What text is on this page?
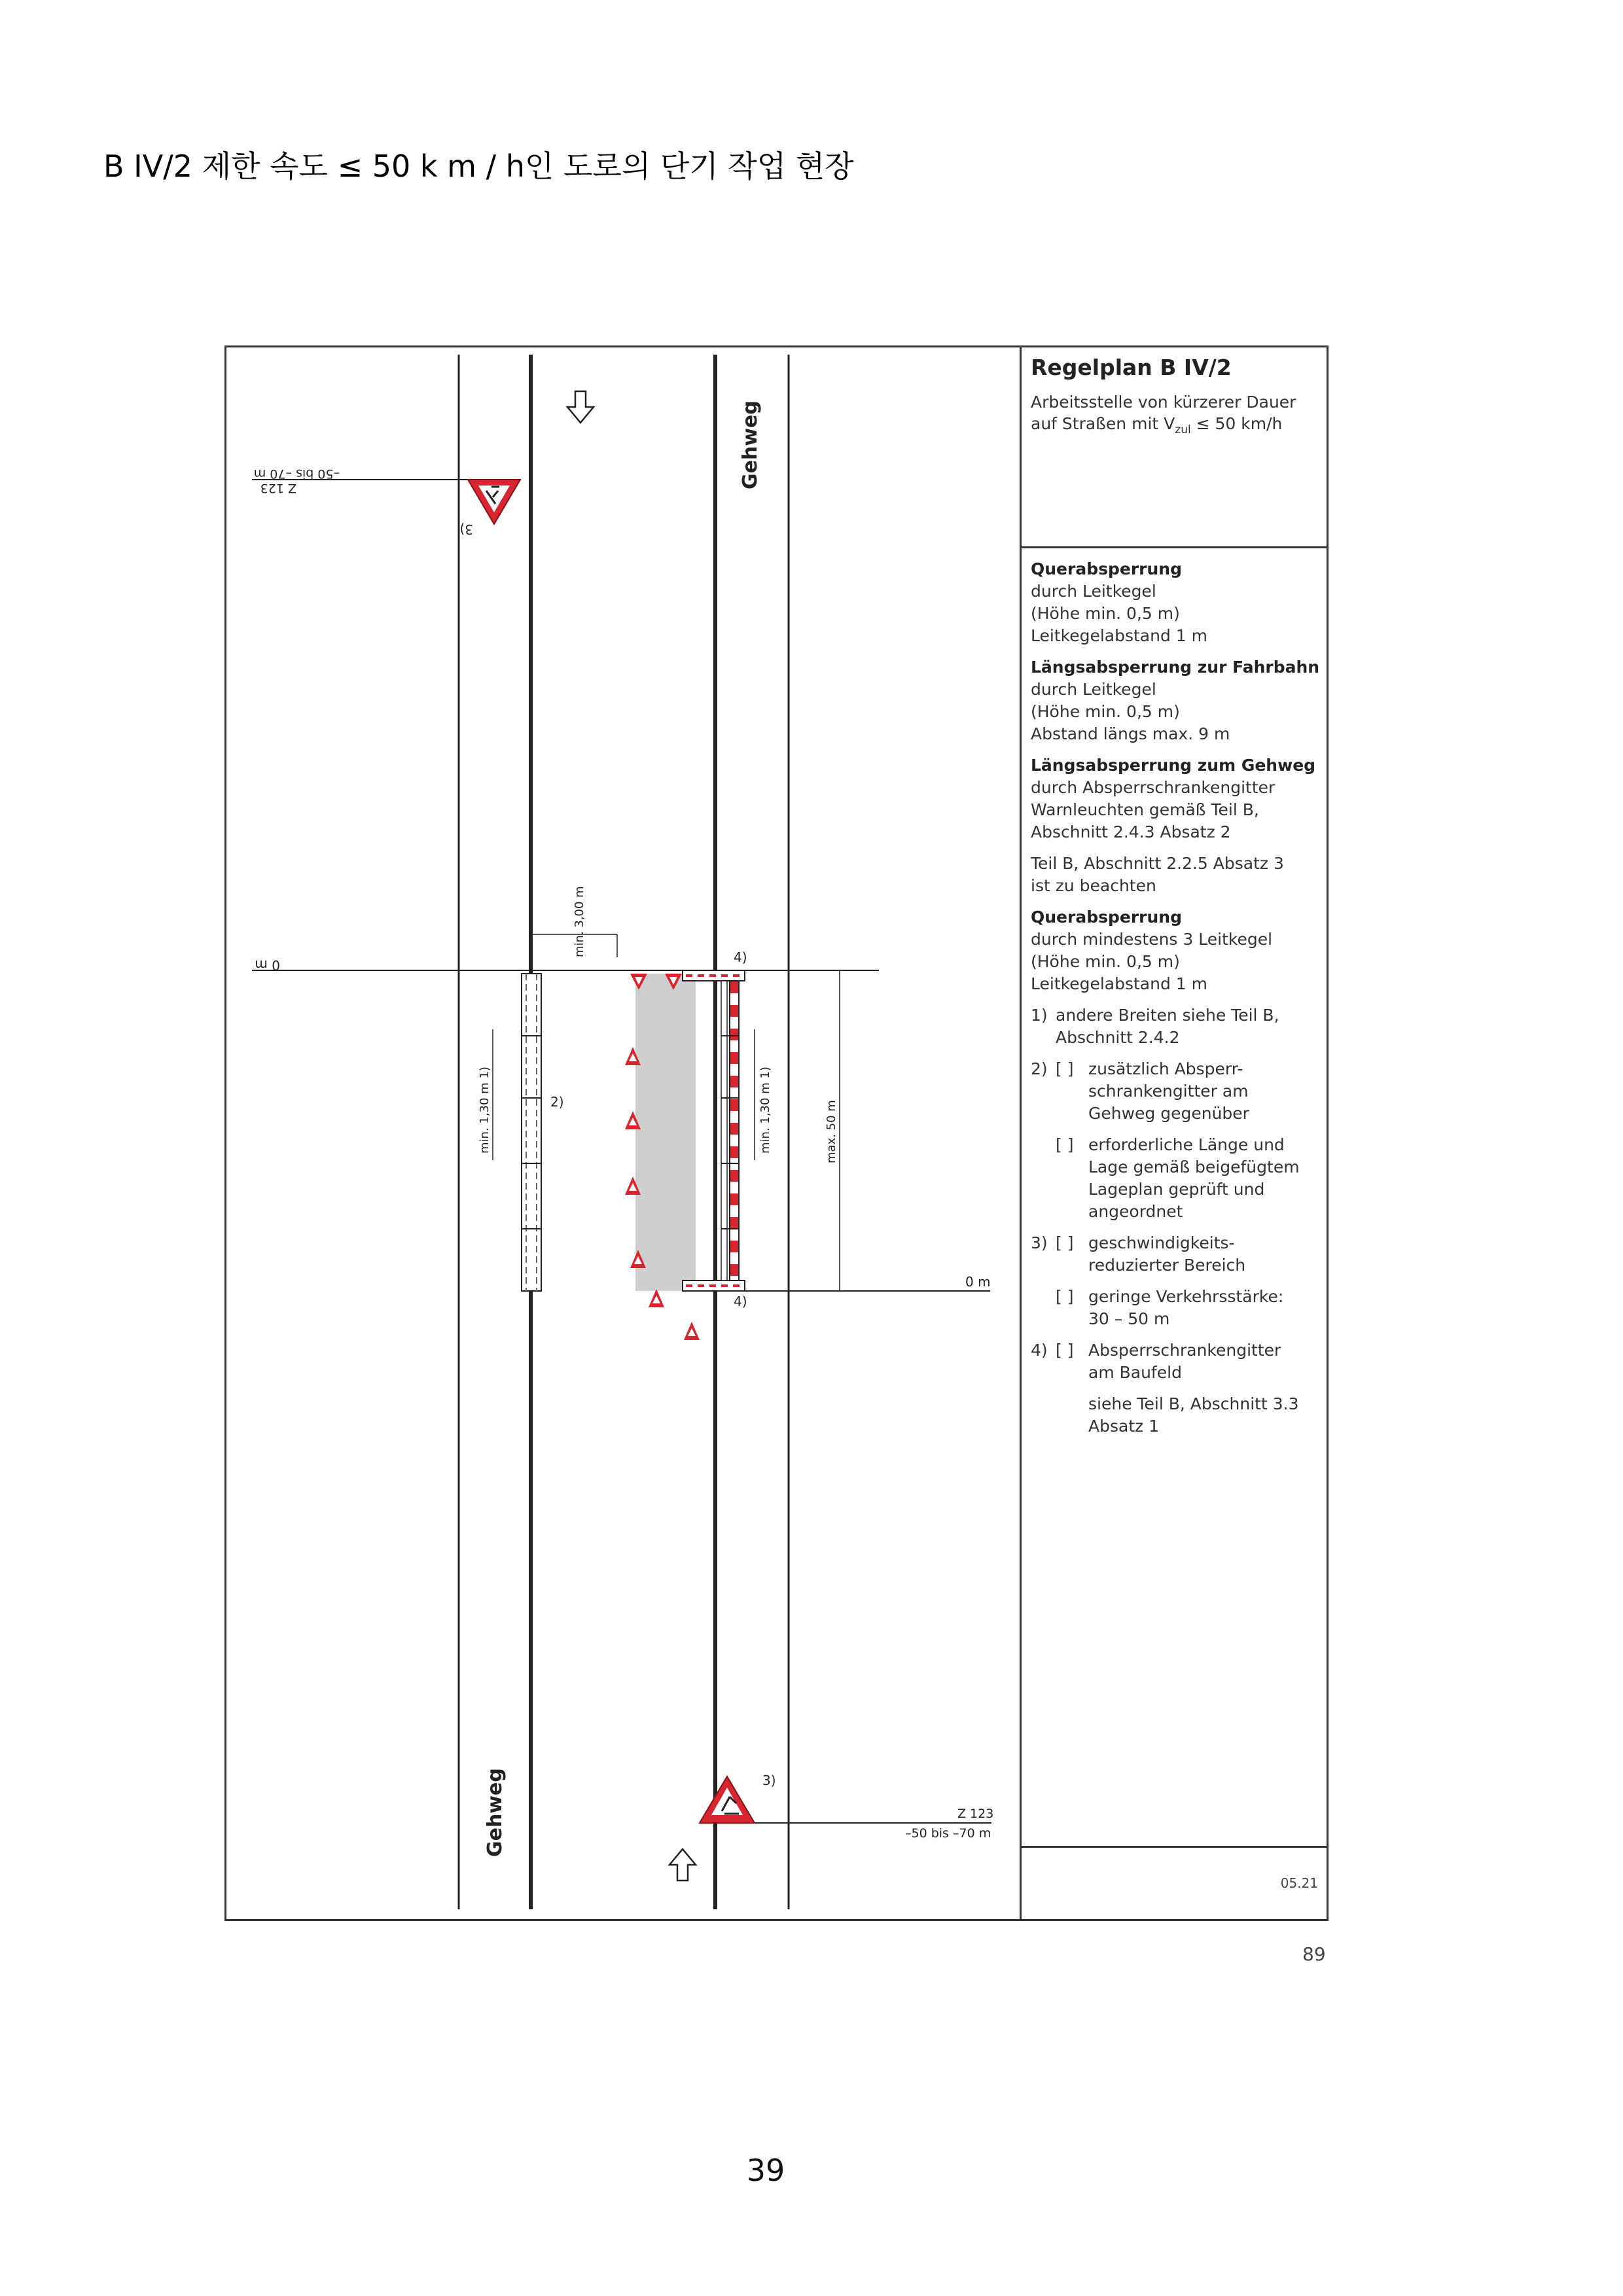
B IV/2 제한 속도 ≤ 50 k m / h인 도로의 단기 작업 현장
Gehweg
Gehweg
–50 bis –70 m
Z 123
3)
0 m
0 m
2)
min. 1,30 m 1)
min. 3,00 m	4)
4)
min. 1,30 m 1)	max. 50 m
3)
Z 123
–50 bis –70 m
Regelplan B IV/2
Arbeitsstelle von kürzerer Dauer
auf Straßen mit $V_{zul} \le 50$ km/h
Querabsperrung
durch Leitkegel
(Höhe min. 0,5 m)
Leitkegelabstand 1 m
Längsabsperrung zur Fahrbahn
durch Leitkegel
(Höhe min. 0,5 m)
Abstand längs max. 9 m
Längsabsperrung zum Gehweg
durch Absperrschrankengitter
Warnleuchten gemäß Teil B,
Abschnitt 2.4.3 Absatz 2
Teil B, Abschnitt 2.2.5 Absatz 3
ist zu beachten
Querabsperrung
durch mindestens 3 Leitkegel
(Höhe min. 0,5 m)
Leitkegelabstand 1 m
1) andere Breiten siehe Teil B,
Abschnitt 2.4.2
2) [ ] zusätzlich Absperr-
schrankengitter am
Gehweg gegenüber
[ ] erforderliche Länge und
Lage gemäß beigefügtem
Lageplan geprüft und
angeordnet
3) [ ] geschwindigkeits-
reduzierter Bereich
[ ] geringe Verkehrsstärke:
30 – 50 m
4) [ ] Absperrschrankengitter
am Baufeld
siehe Teil B, Abschnitt 3.3
Absatz 1
05.21
89
39
